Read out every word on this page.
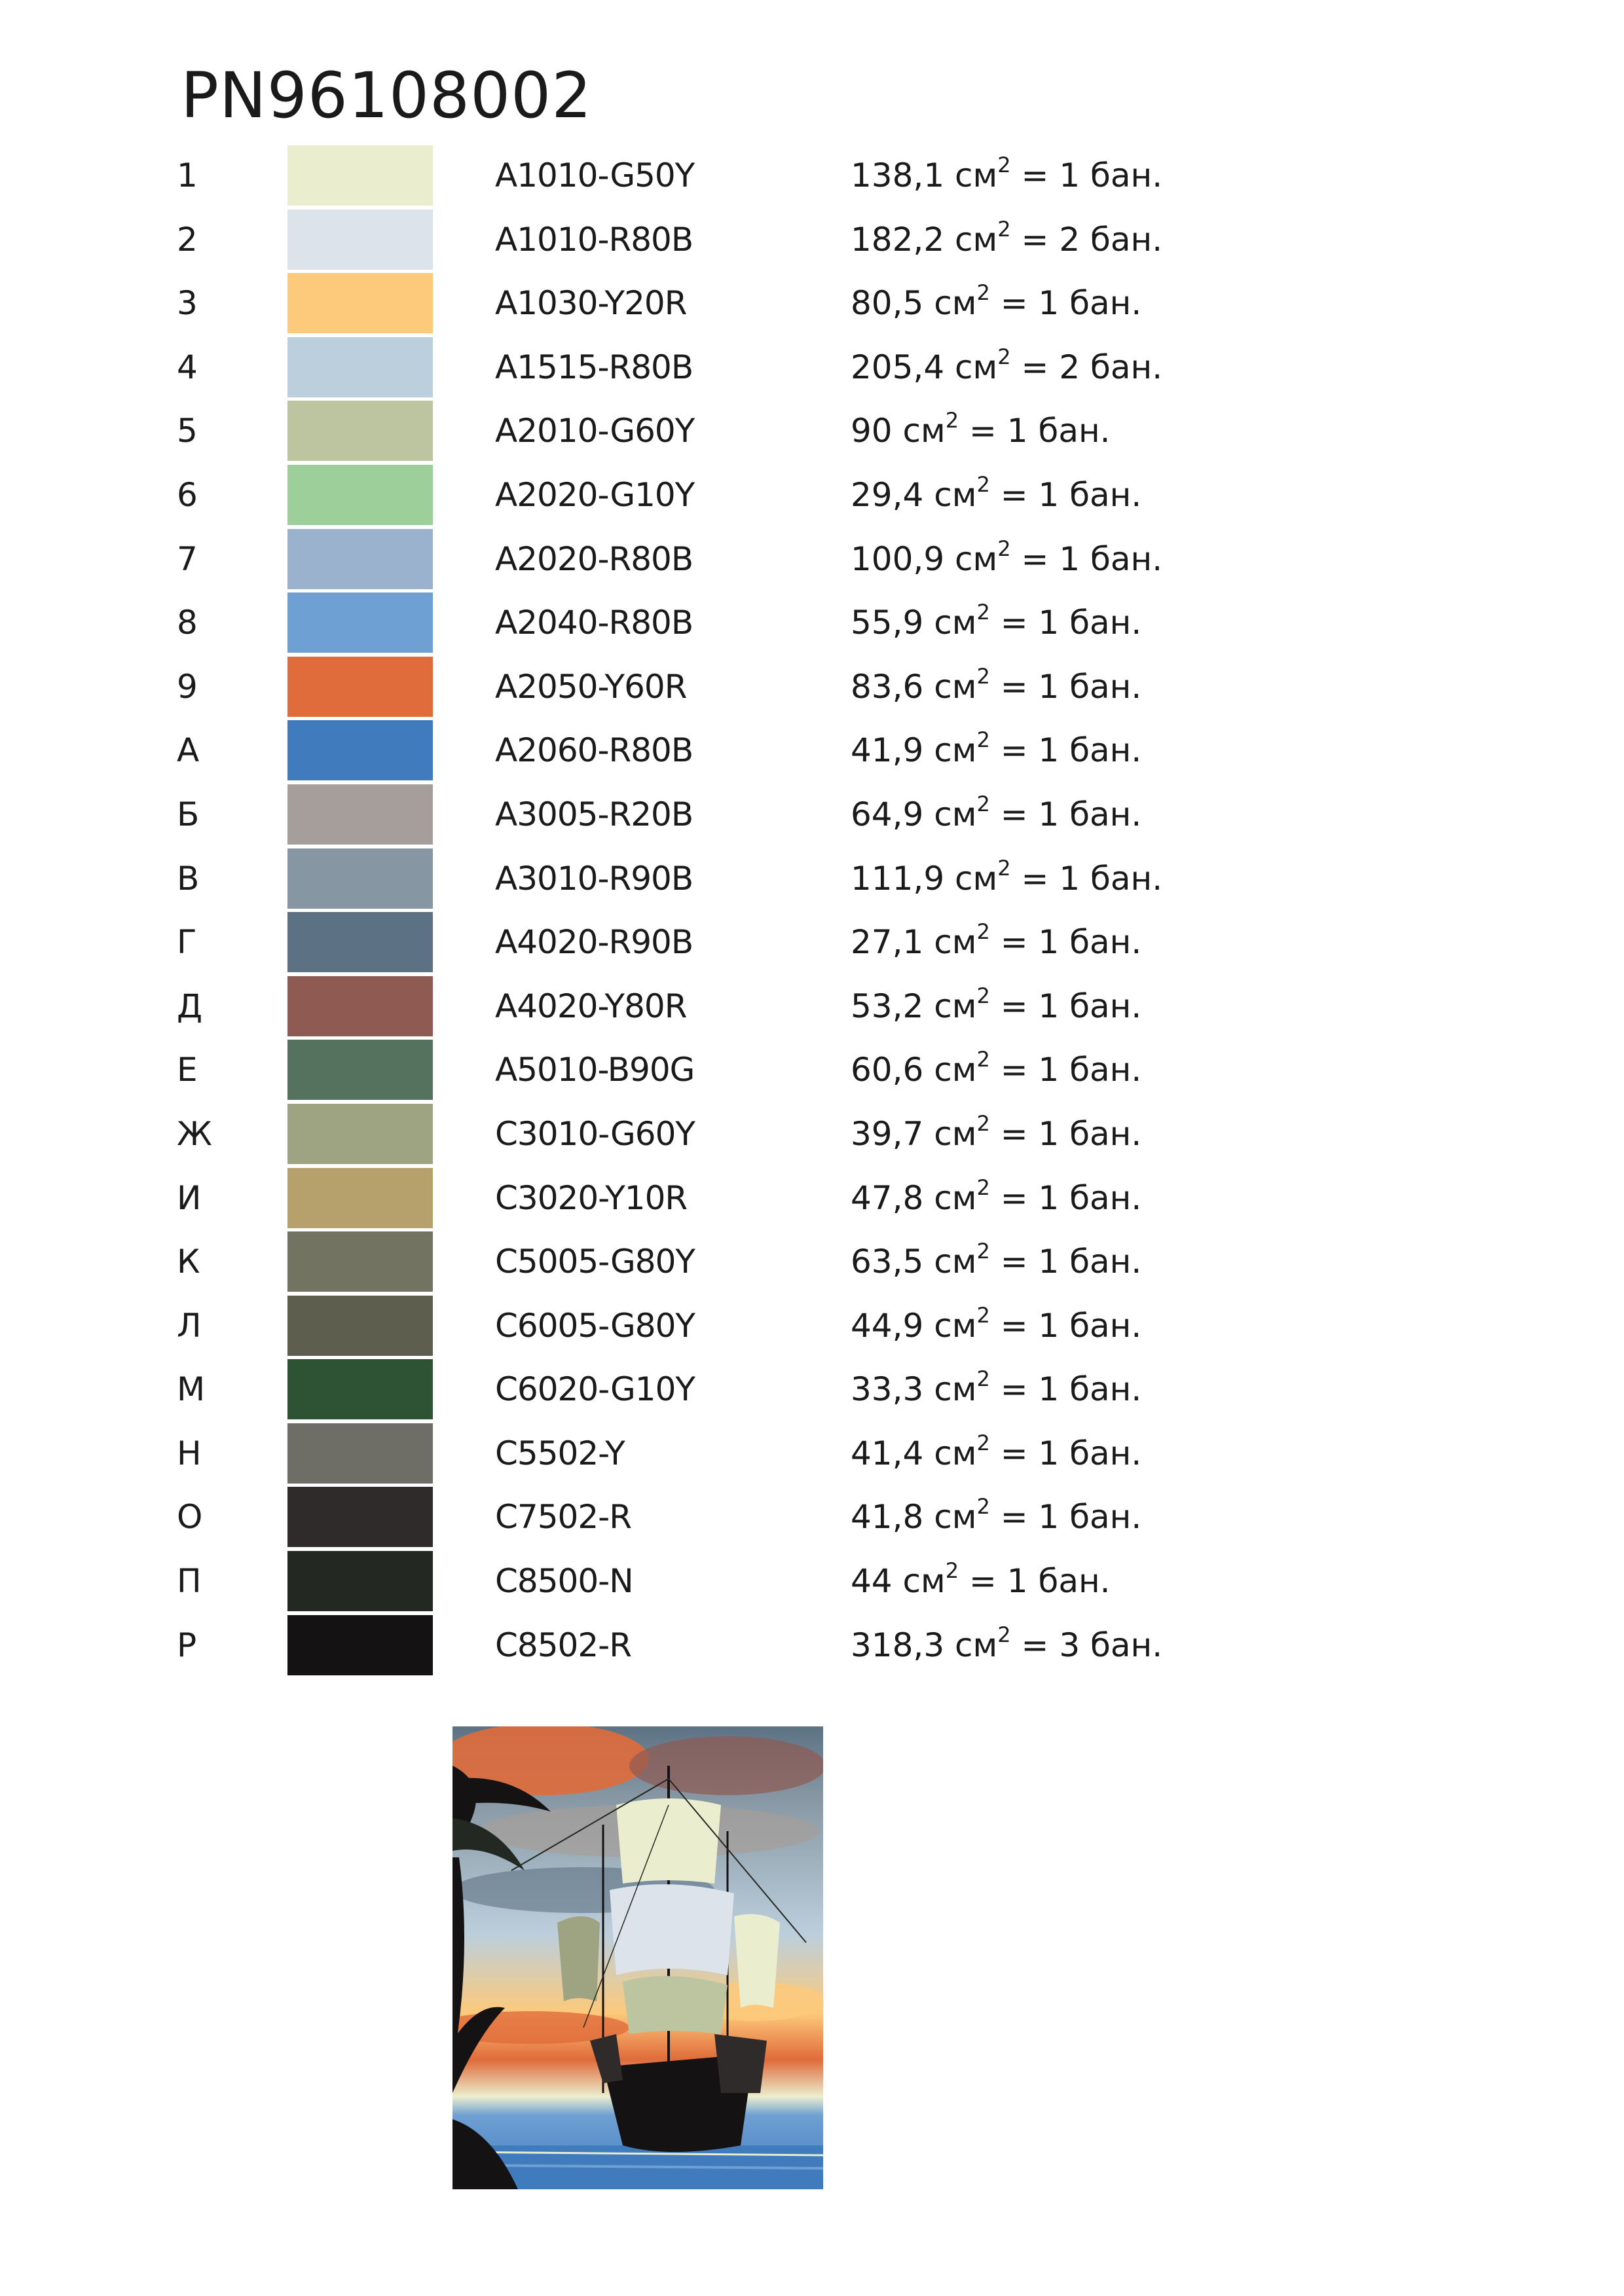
PN96108002
1	A1010-G50Y	138,1 $см^2 = 1$ бан.
2	A1010-R80B	182,2 $см^2 = 2$ бан.
3	A1030-Y20R	80,5 $см^2 = 1$ бан.
4	A1515-R80B	205,4 $см^2 = 2$ бан.
5	A2010-G60Y	90 $см^2 = 1$ бан.
6	A2020-G10Y	29,4 $см^2 = 1$ бан.
7	A2020-R80B	100,9 $см^2 = 1$ бан.
8	A2040-R80B	55,9 $см^2 = 1$ бан.
9	A2050-Y60R	83,6 $см^2 = 1$ бан.
А	A2060-R80B	41,9 $см^2 = 1$ бан.
Б	A3005-R20B	64,9 $см^2 = 1$ бан.
В	A3010-R90B	111,9 $см^2 = 1$ бан.
Г	A4020-R90B	27,1 $см^2 = 1$ бан.
Д	A4020-Y80R	53,2 $см^2 = 1$ бан.
Е	A5010-B90G	60,6 $см^2 = 1$ бан.
Ж	C3010-G60Y	39,7 $см^2 = 1$ бан.
И	C3020-Y10R	47,8 $см^2 = 1$ бан.
К	C5005-G80Y	63,5 $см^2 = 1$ бан.
Л	C6005-G80Y	44,9 $см^2 = 1$ бан.
М	C6020-G10Y	33,3 $см^2 = 1$ бан.
Н	C5502-Y	41,4 $см^2 = 1$ бан.
О	C7502-R	41,8 $см^2 = 1$ бан.
П	C8500-N	44 $см^2 = 1$ бан.
Р	C8502-R	318,3 $см^2 = 3$ бан.
